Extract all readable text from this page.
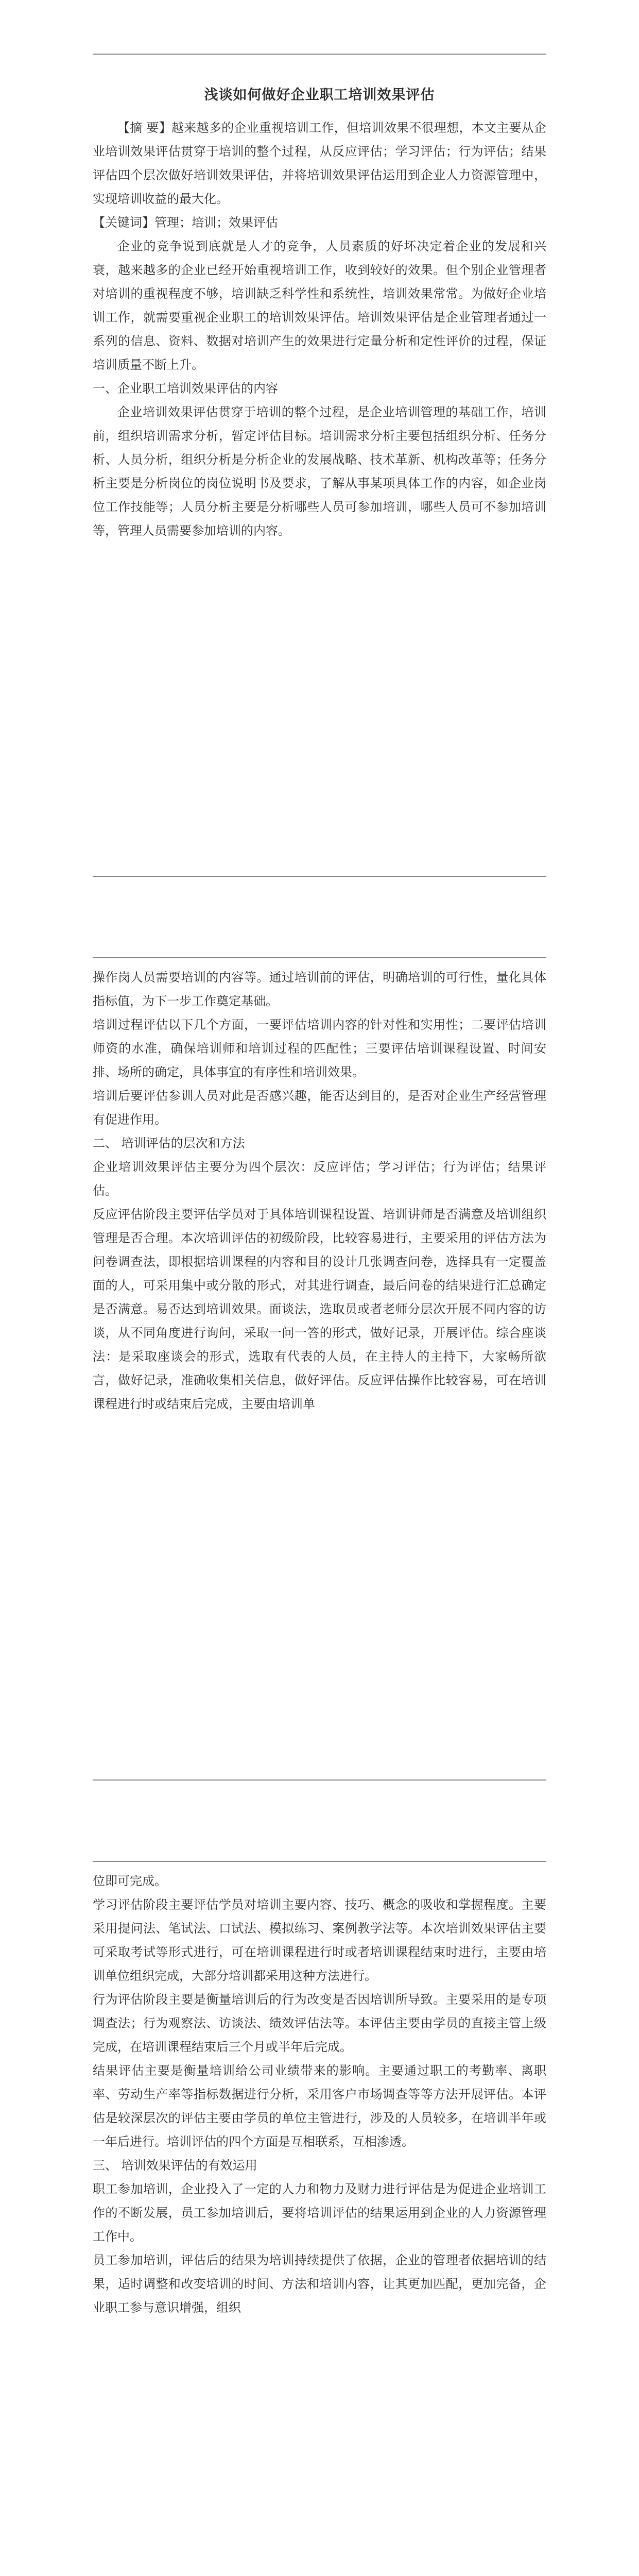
浅谈如何做好企业职工培训效果评估

【摘 要】越来越多的企业重视培训工作，但培训效果不很理想，本文主要从企业培训效果评估贯穿于培训的整个过程，从反应评估；学习评估；行为评估；结果评估四个层次做好培训效果评估，并将培训效果评估运用到企业人力资源管理中，实现培训收益的最大化。

【关键词】管理；培训；效果评估

企业的竞争说到底就是人才的竞争，人员素质的好坏决定着企业的发展和兴衰，越来越多的企业已经开始重视培训工作，收到较好的效果。但个别企业管理者对培训的重视程度不够，培训缺乏科学性和系统性，培训效果常常。为做好企业培训工作，就需要重视企业职工的培训效果评估。培训效果评估是企业管理者通过一系列的信息、资料、数据对培训产生的效果进行定量分析和定性评价的过程，保证培训质量不断上升。

一、企业职工培训效果评估的内容

企业培训效果评估贯穿于培训的整个过程，是企业培训管理的基础工作，培训前，组织培训需求分析，暂定评估目标。培训需求分析主要包括组织分析、任务分析、人员分析，组织分析是分析企业的发展战略、技术革新、机构改革等；任务分析主要是分析岗位的岗位说明书及要求，了解从事某项具体工作的内容，如企业岗位工作技能等；人员分析主要是分析哪些人员可参加培训，哪些人员可不参加培训等，管理人员需要参加培训的内容。

操作岗人员需要培训的内容等。通过培训前的评估，明确培训的可行性，量化具体指标值，为下一步工作奠定基础。

培训过程评估以下几个方面，一要评估培训内容的针对性和实用性；二要评估培训师资的水准，确保培训师和培训过程的匹配性；三要评估培训课程设置、时间安排、场所的确定，具体事宜的有序性和培训效果。

培训后要评估参训人员对此是否感兴趣，能否达到目的，是否对企业生产经营管理有促进作用。

二、 培训评估的层次和方法

企业培训效果评估主要分为四个层次：反应评估；学习评估；行为评估；结果评估。

反应评估阶段主要评估学员对于具体培训课程设置、培训讲师是否满意及培训组织管理是否合理。本次培训评估的初级阶段，比较容易进行，主要采用的评估方法为问卷调查法，即根据培训课程的内容和目的设计几张调查问卷，选择具有一定覆盖面的人，可采用集中或分散的形式，对其进行调查，最后问卷的结果进行汇总确定是否满意。易否达到培训效果。面谈法，选取员或者老师分层次开展不同内容的访谈，从不同角度进行询问，采取一问一答的形式，做好记录，开展评估。综合座谈法：是采取座谈会的形式，选取有代表的人员，在主持人的主持下，大家畅所欲言，做好记录，准确收集相关信息，做好评估。反应评估操作比较容易，可在培训课程进行时或结束后完成，主要由培训单

位即可完成。

学习评估阶段主要评估学员对培训主要内容、技巧、概念的吸收和掌握程度。主要采用提问法、笔试法、口试法、模拟练习、案例教学法等。本次培训效果评估主要可采取考试等形式进行，可在培训课程进行时或者培训课程结束时进行，主要由培训单位组织完成，大部分培训都采用这种方法进行。

行为评估阶段主要是衡量培训后的行为改变是否因培训所导致。主要采用的是专项调查法；行为观察法、访谈法、绩效评估法等。本评估主要由学员的直接主管上级完成，在培训课程结束后三个月或半年后完成。

结果评估主要是衡量培训给公司业绩带来的影响。主要通过职工的考勤率、离职率、劳动生产率等指标数据进行分析，采用客户市场调查等等方法开展评估。本评估是较深层次的评估主要由学员的单位主管进行，涉及的人员较多，在培训半年或一年后进行。培训评估的四个方面是互相联系，互相渗透。

三、 培训效果评估的有效运用

职工参加培训，企业投入了一定的人力和物力及财力进行评估是为促进企业培训工作的不断发展，员工参加培训后，要将培训评估的结果运用到企业的人力资源管理工作中。

员工参加培训，评估后的结果为培训持续提供了依据，企业的管理者依据培训的结果，适时调整和改变培训的时间、方法和培训内容，让其更加匹配，更加完备，企业职工参与意识增强，组织
